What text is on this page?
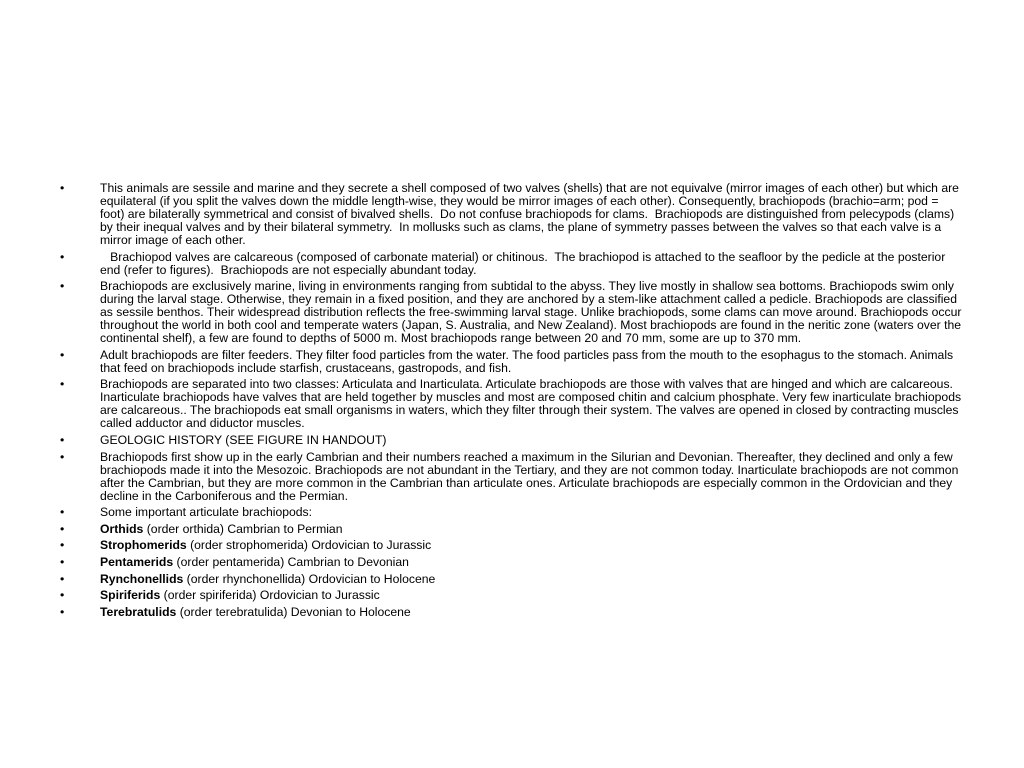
•	This animals are sessile and marine and they secrete a shell composed of two valves (shells) that are not equivalve (mirror images of each other) but which are equilateral (if you split the valves down the middle length-wise, they would be mirror images of each other). Consequently, brachiopods (brachio=arm; pod = foot) are bilaterally symmetrical and consist of bivalved shells.  Do not confuse brachiopods for clams.  Brachiopods are distinguished from pelecypods (clams) by their inequal valves and by their bilateral symmetry.  In mollusks such as clams, the plane of symmetry passes between the valves so that each valve is a mirror image of each other.
•	Brachiopod valves are calcareous (composed of carbonate material) or chitinous.  The brachiopod is attached to the seafloor by the pedicle at the posterior end (refer to figures).  Brachiopods are not especially abundant today.
•	Brachiopods are exclusively marine, living in environments ranging from subtidal to the abyss. They live mostly in shallow sea bottoms. Brachiopods swim only during the larval stage. Otherwise, they remain in a fixed position, and they are anchored by a stem-like attachment called a pedicle. Brachiopods are classified as sessile benthos. Their widespread distribution reflects the free-swimming larval stage. Unlike brachiopods, some clams can move around. Brachiopods occur throughout the world in both cool and temperate waters (Japan, S. Australia, and New Zealand). Most brachiopods are found in the neritic zone (waters over the continental shelf), a few are found to depths of 5000 m. Most brachiopods range between 20 and 70 mm, some are up to 370 mm.
•	Adult brachiopods are filter feeders. They filter food particles from the water. The food particles pass from the mouth to the esophagus to the stomach. Animals that feed on brachiopods include starfish, crustaceans, gastropods, and fish.
•	Brachiopods are separated into two classes: Articulata and Inarticulata. Articulate brachiopods are those with valves that are hinged and which are calcareous. Inarticulate brachiopods have valves that are held together by muscles and most are composed chitin and calcium phosphate. Very few inarticulate brachiopods are calcareous.. The brachiopods eat small organisms in waters, which they filter through their system. The valves are opened in closed by contracting muscles called adductor and diductor muscles.
•	GEOLOGIC HISTORY (SEE FIGURE IN HANDOUT)
•	Brachiopods first show up in the early Cambrian and their numbers reached a maximum in the Silurian and Devonian. Thereafter, they declined and only a few brachiopods made it into the Mesozoic. Brachiopods are not abundant in the Tertiary, and they are not common today. Inarticulate brachiopods are not common after the Cambrian, but they are more common in the Cambrian than articulate ones. Articulate brachiopods are especially common in the Ordovician and they decline in the Carboniferous and the Permian.
•	Some important articulate brachiopods:
•	Orthids (order orthida) Cambrian to Permian
•	Strophomerids (order strophomerida) Ordovician to Jurassic
•	Pentamerids (order pentamerida) Cambrian to Devonian
•	Rynchonellids (order rhynchonellida) Ordovician to Holocene
•	Spiriferids (order spiriferida) Ordovician to Jurassic
•	Terebratulids (order terebratulida) Devonian to Holocene
